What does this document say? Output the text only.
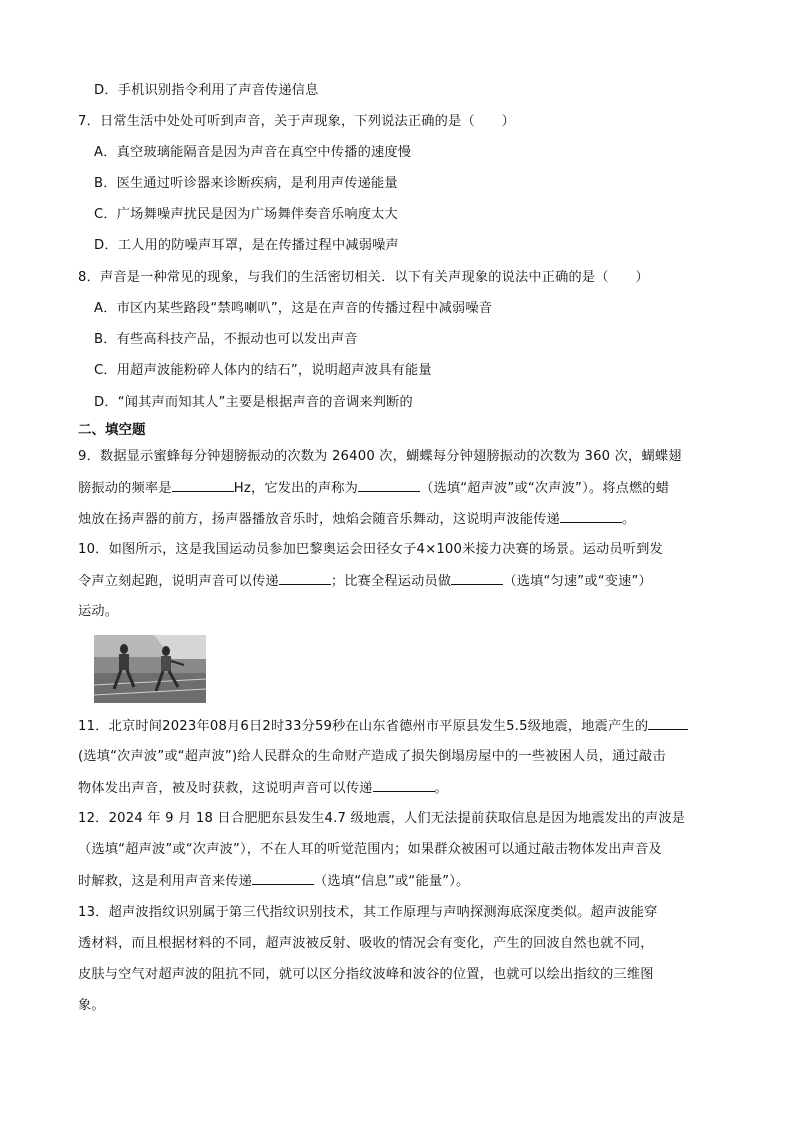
D．手机识别指令利用了声音传递信息
7．日常生活中处处可听到声音，关于声现象，下列说法正确的是（　　）
A．真空玻璃能隔音是因为声音在真空中传播的速度慢
B．医生通过听诊器来诊断疾病，是利用声传递能量
C．广场舞噪声扰民是因为广场舞伴奏音乐响度太大
D．工人用的防噪声耳罩，是在传播过程中减弱噪声
8．声音是一种常见的现象，与我们的生活密切相关．以下有关声现象的说法中正确的是（　　）
A．市区内某些路段“禁鸣喇叭”，这是在声音的传播过程中减弱噪音
B．有些高科技产品，不振动也可以发出声音
C．用超声波能粉碎人体内的结石”，说明超声波具有能量
D．“闻其声而知其人”主要是根据声音的音调来判断的
二、填空题
9．数据显示蜜蜂每分钟翅膀振动的次数为 26400 次，蝴蝶每分钟翅膀振动的次数为 360 次，蝴蝶翅
膀振动的频率是	Hz，它发出的声称为	（选填“超声波”或“次声波”）。将点燃的蜡
烛放在扬声器的前方，扬声器播放音乐时，烛焰会随音乐舞动，这说明声波能传递	。
10．如图所示，这是我国运动员参加巴黎奥运会田径女子4×100米接力决赛的场景。运动员听到发
令声立刻起跑，说明声音可以传递	；比赛全程运动员做	（选填“匀速”或“变速”）
运动。
11．北京时间2023年08月6日2时33分59秒在山东省德州市平原县发生5.5级地震，地震产生的
(选填“次声波”或“超声波”)给人民群众的生命财产造成了损失倒塌房屋中的一些被困人员，通过敲击
物体发出声音，被及时获救，这说明声音可以传递	。
12．2024 年 9 月 18 日合肥肥东县发生4.7 级地震，人们无法提前获取信息是因为地震发出的声波是
（选填“超声波”或“次声波”），不在人耳的听觉范围内；如果群众被困可以通过敲击物体发出声音及
时解救，这是利用声音来传递	（选填“信息”或“能量”）。
13．超声波指纹识别属于第三代指纹识别技术，其工作原理与声呐探测海底深度类似。超声波能穿
透材料，而且根据材料的不同，超声波被反射、吸收的情况会有变化，产生的回波自然也就不同，
皮肤与空气对超声波的阻抗不同，就可以区分指纹波峰和波谷的位置，也就可以绘出指纹的三维图
象。
